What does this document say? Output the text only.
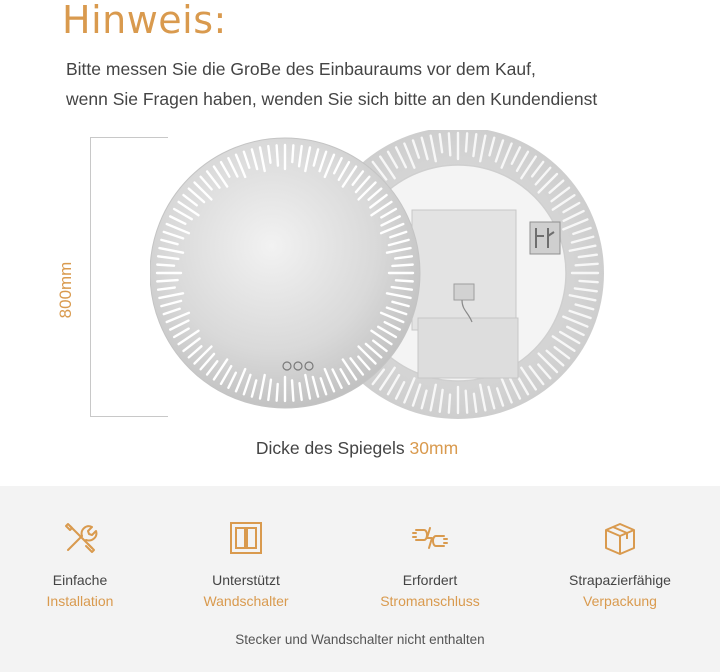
Hinweis:
Bitte messen Sie die GroBe des Einbauraums vor dem Kauf,
wenn Sie Fragen haben, wenden Sie sich bitte an den Kundendienst
800mm
Dicke des Spiegels 30mm
Einfache
Installation
Unterstützt
Wandschalter
Erfordert
Stromanschluss
Strapazierfähige
Verpackung
Stecker und Wandschalter nicht enthalten
